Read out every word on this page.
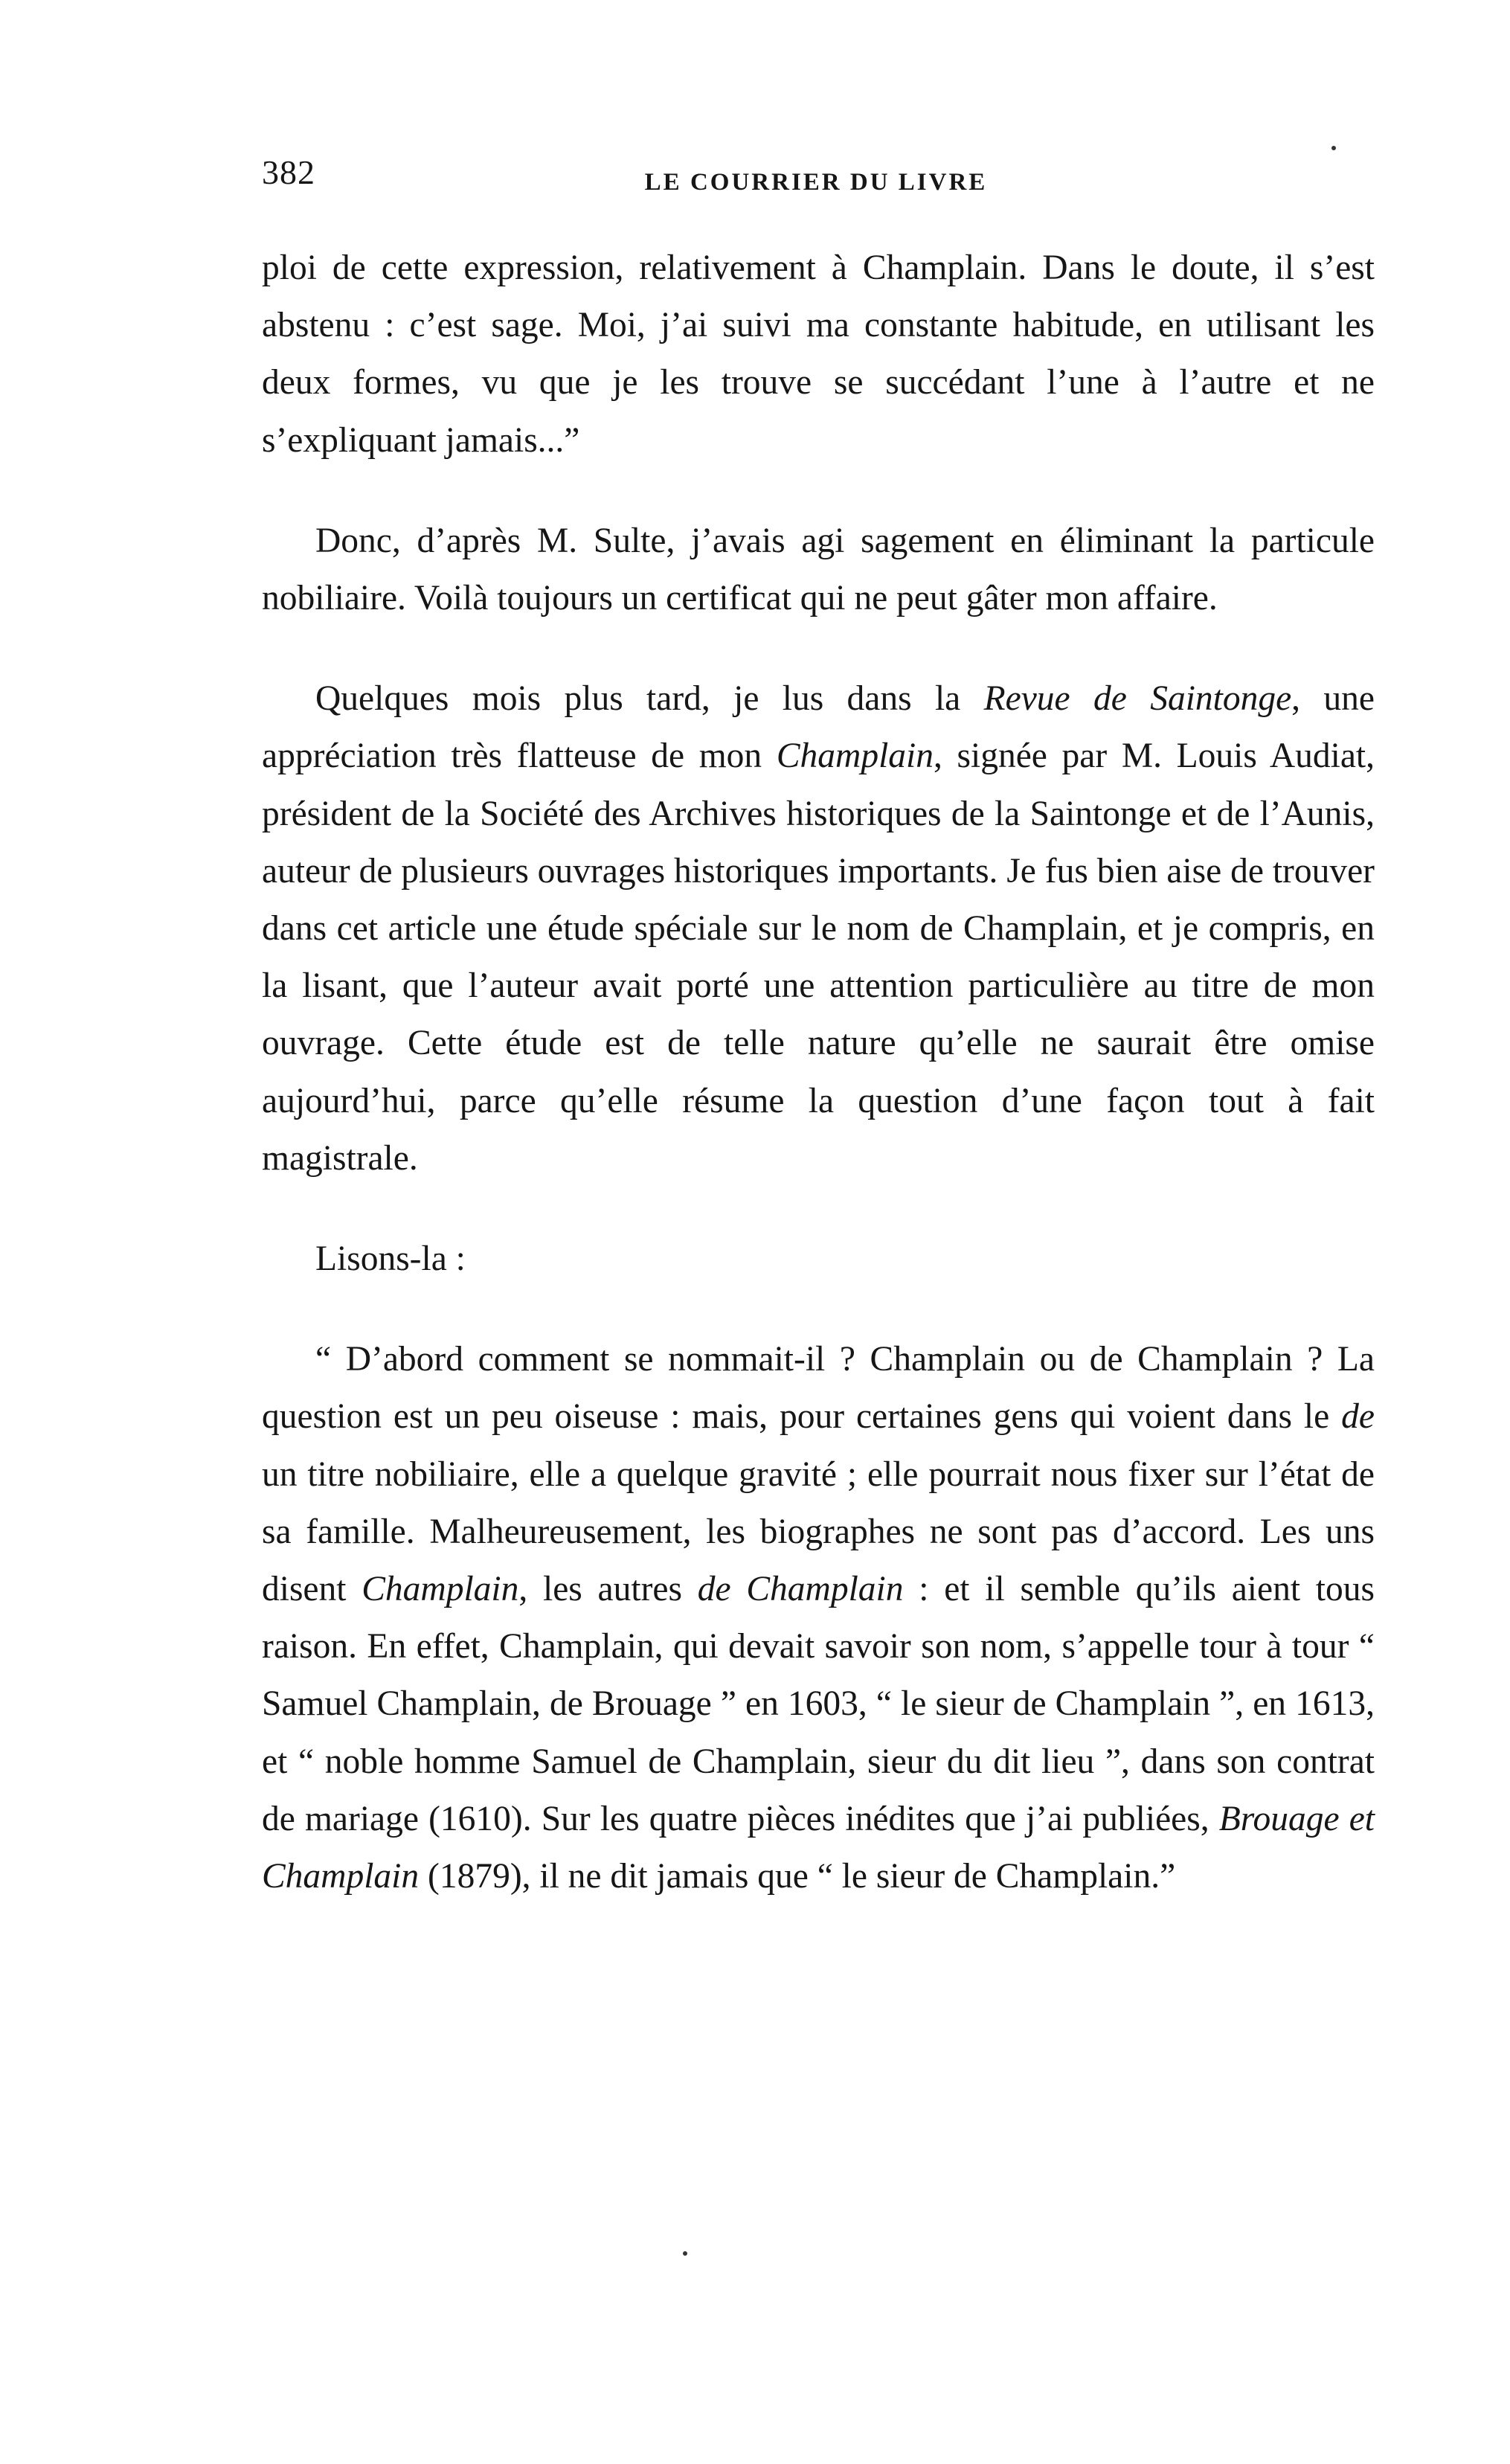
382	LE COURRIER DU LIVRE

ploi de cette expression, relativement à Champlain. Dans le doute, il s’est abstenu : c’est sage. Moi, j’ai suivi ma constante habitude, en utilisant les deux formes, vu que je les trouve se succédant l’une à l’autre et ne s’expliquant jamais...”

Donc, d’après M. Sulte, j’avais agi sagement en éliminant la particule nobiliaire. Voilà toujours un certificat qui ne peut gâter mon affaire.

Quelques mois plus tard, je lus dans la Revue de Saintonge, une appréciation très flatteuse de mon Champlain, signée par M. Louis Audiat, président de la Société des Archives historiques de la Saintonge et de l’Aunis, auteur de plusieurs ouvrages historiques importants. Je fus bien aise de trouver dans cet article une étude spéciale sur le nom de Champlain, et je compris, en la lisant, que l’auteur avait porté une attention particulière au titre de mon ouvrage. Cette étude est de telle nature qu’elle ne saurait être omise aujourd’hui, parce qu’elle résume la question d’une façon tout à fait magistrale.

Lisons-la :

“ D’abord comment se nommait-il ? Champlain ou de Champlain ? La question est un peu oiseuse : mais, pour certaines gens qui voient dans le de un titre nobiliaire, elle a quelque gravité ; elle pourrait nous fixer sur l’état de sa famille. Malheureusement, les biographes ne sont pas d’accord. Les uns disent Champlain, les autres de Champlain : et il semble qu’ils aient tous raison. En effet, Champlain, qui devait savoir son nom, s’appelle tour à tour “ Samuel Champlain, de Brouage ” en 1603, “ le sieur de Champlain ”, en 1613, et “ noble homme Samuel de Champlain, sieur du dit lieu ”, dans son contrat de mariage (1610). Sur les quatre pièces inédites que j’ai publiées, Brouage et Champlain (1879), il ne dit jamais que “ le sieur de Champlain.”
